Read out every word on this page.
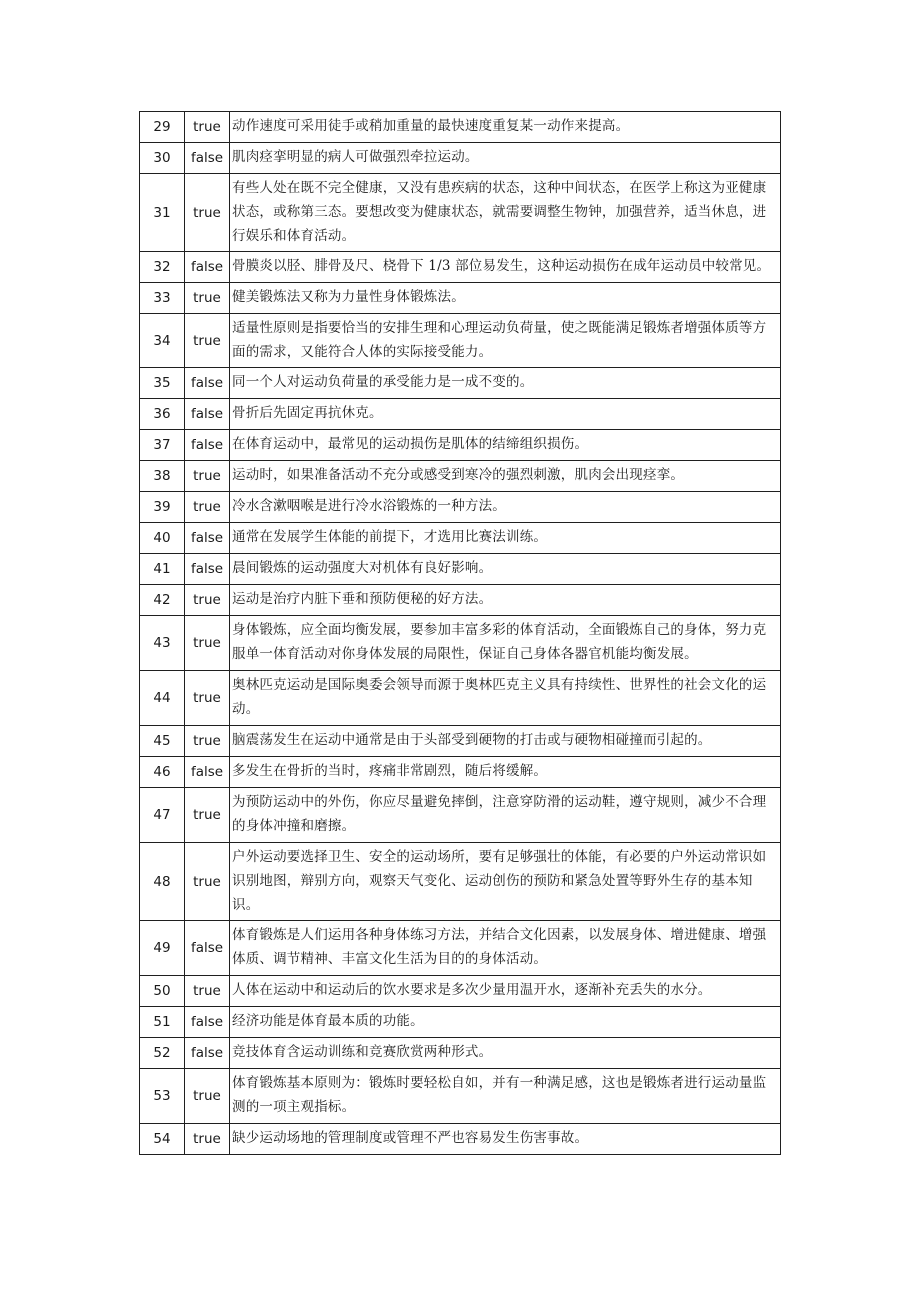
29	true	动作速度可采用徒手或稍加重量的最快速度重复某一动作来提高。
30	false	肌肉痉挛明显的病人可做强烈牵拉运动。
31	true	有些人处在既不完全健康，又没有患疾病的状态，这种中间状态，在医学上称这为亚健康状态，或称第三态。要想改变为健康状态，就需要调整生物钟，加强营养，适当休息，进行娱乐和体育活动。
32	false	骨膜炎以胫、腓骨及尺、桡骨下 1/3 部位易发生，这种运动损伤在成年运动员中较常见。
33	true	健美锻炼法又称为力量性身体锻炼法。
34	true	适量性原则是指要恰当的安排生理和心理运动负荷量，使之既能满足锻炼者增强体质等方面的需求，又能符合人体的实际接受能力。
35	false	同一个人对运动负荷量的承受能力是一成不变的。
36	false	骨折后先固定再抗休克。
37	false	在体育运动中，最常见的运动损伤是肌体的结缔组织损伤。
38	true	运动时，如果准备活动不充分或感受到寒冷的强烈刺激，肌肉会出现痉挛。
39	true	冷水含漱咽喉是进行冷水浴锻炼的一种方法。
40	false	通常在发展学生体能的前提下，才选用比赛法训练。
41	false	晨间锻炼的运动强度大对机体有良好影响。
42	true	运动是治疗内脏下垂和预防便秘的好方法。
43	true	身体锻炼，应全面均衡发展，要参加丰富多彩的体育活动，全面锻炼自己的身体，努力克服单一体育活动对你身体发展的局限性，保证自己身体各器官机能均衡发展。
44	true	奥林匹克运动是国际奥委会领导而源于奥林匹克主义具有持续性、世界性的社会文化的运动。
45	true	脑震荡发生在运动中通常是由于头部受到硬物的打击或与硬物相碰撞而引起的。
46	false	多发生在骨折的当时，疼痛非常剧烈，随后将缓解。
47	true	为预防运动中的外伤，你应尽量避免摔倒，注意穿防滑的运动鞋，遵守规则，减少不合理的身体冲撞和磨擦。
48	true	户外运动要选择卫生、安全的运动场所，要有足够强壮的体能，有必要的户外运动常识如识别地图，辩别方向，观察天气变化、运动创伤的预防和紧急处置等野外生存的基本知识。
49	false	体育锻炼是人们运用各种身体练习方法，并结合文化因素，以发展身体、增进健康、增强体质、调节精神、丰富文化生活为目的的身体活动。
50	true	人体在运动中和运动后的饮水要求是多次少量用温开水，逐渐补充丢失的水分。
51	false	经济功能是体育最本质的功能。
52	false	竞技体育含运动训练和竞赛欣赏两种形式。
53	true	体育锻炼基本原则为：锻炼时要轻松自如，并有一种满足感，这也是锻炼者进行运动量监测的一项主观指标。
54	true	缺少运动场地的管理制度或管理不严也容易发生伤害事故。
